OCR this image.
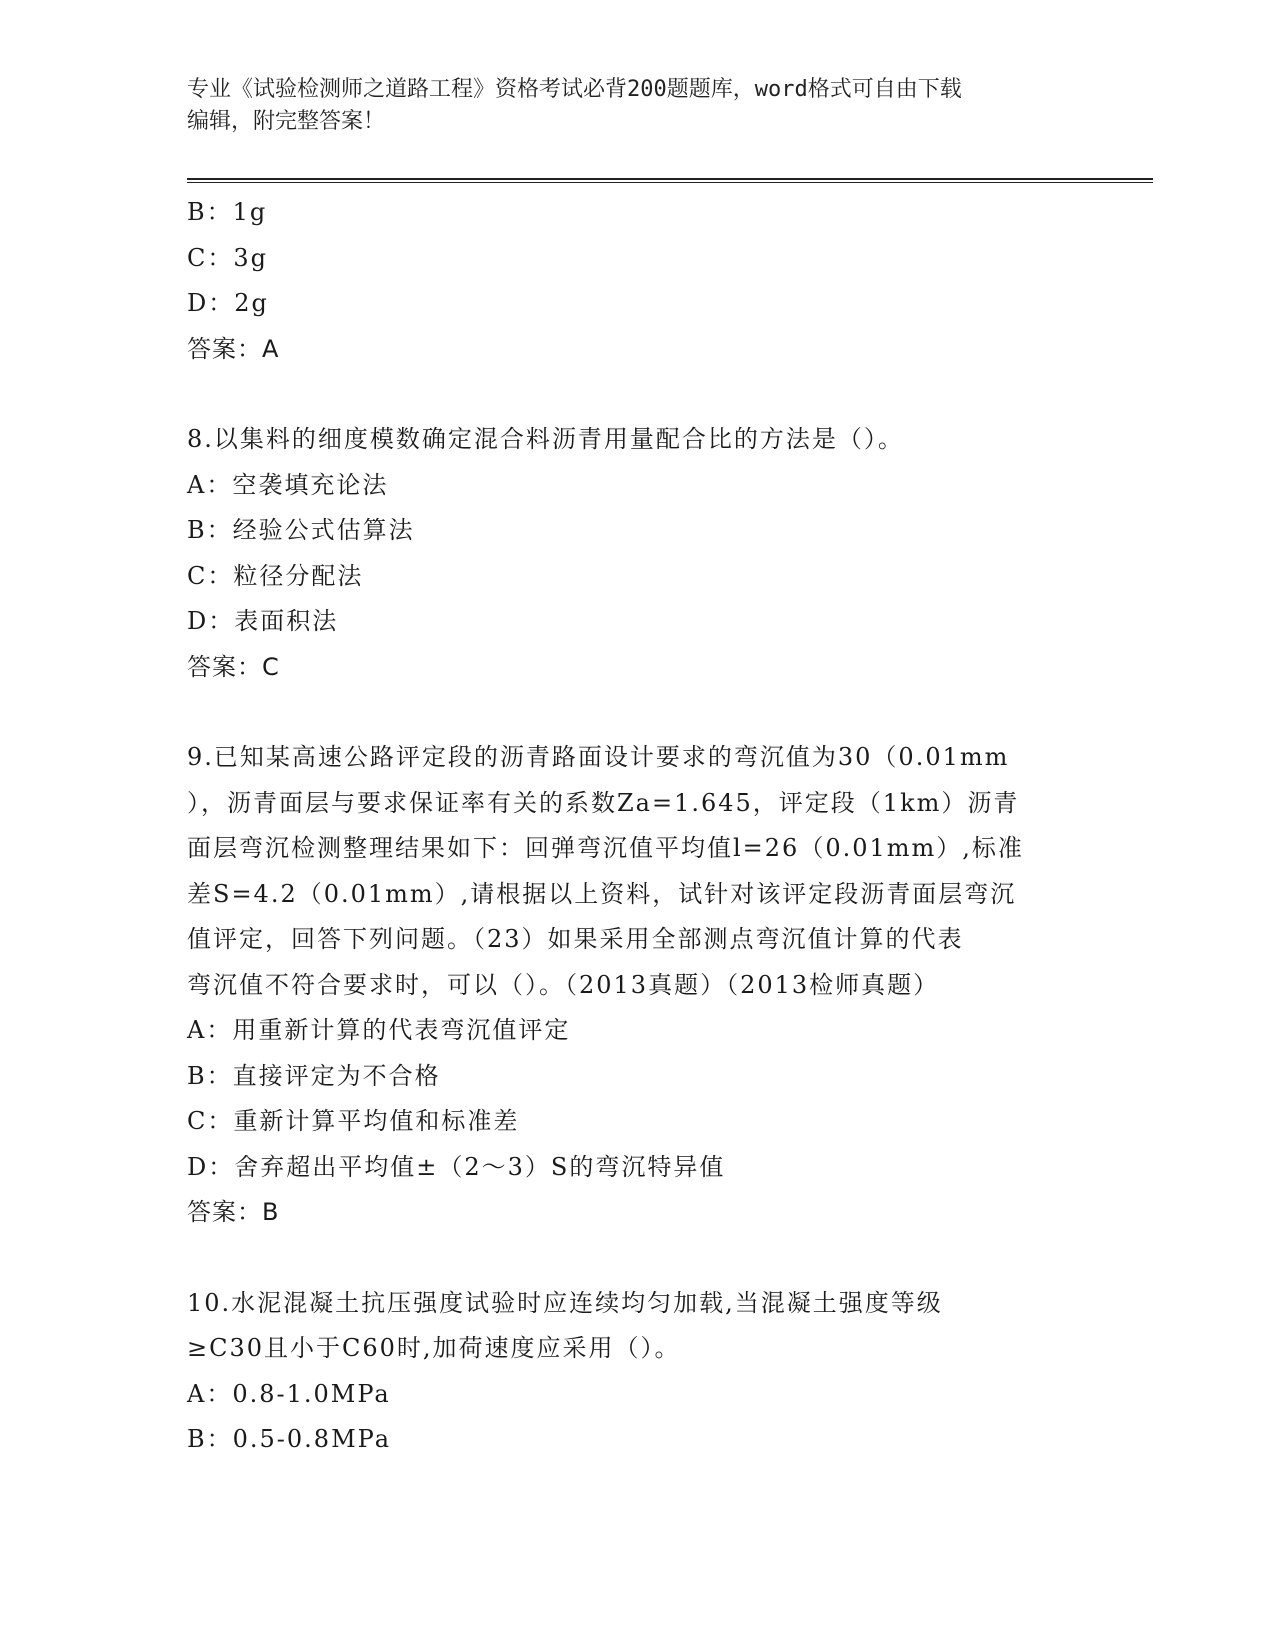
专业《试验检测师之道路工程》资格考试必背200题题库，word格式可自由下载
编辑，附完整答案！
B：1g
C：3g
D：2g
答案：A
8.以集料的细度模数确定混合料沥青用量配合比的方法是（）。
A：空袭填充论法
B：经验公式估算法
C：粒径分配法
D：表面积法
答案：C
9.已知某高速公路评定段的沥青路面设计要求的弯沉值为30（0.01mm
），沥青面层与要求保证率有关的系数Za=1.645，评定段（1km）沥青
面层弯沉检测整理结果如下：回弹弯沉值平均值l=26（0.01mm）,标准
差S=4.2（0.01mm）,请根据以上资料，试针对该评定段沥青面层弯沉
值评定，回答下列问题。（23）如果采用全部测点弯沉值计算的代表
弯沉值不符合要求时，可以（）。（2013真题）（2013检师真题）
A：用重新计算的代表弯沉值评定
B：直接评定为不合格
C：重新计算平均值和标准差
D：舍弃超出平均值±（2～3）S的弯沉特异值
答案：B
10.水泥混凝土抗压强度试验时应连续均匀加载,当混凝土强度等级
≥C30且小于C60时,加荷速度应采用（）。
A：0.8-1.0MPa
B：0.5-0.8MPa
